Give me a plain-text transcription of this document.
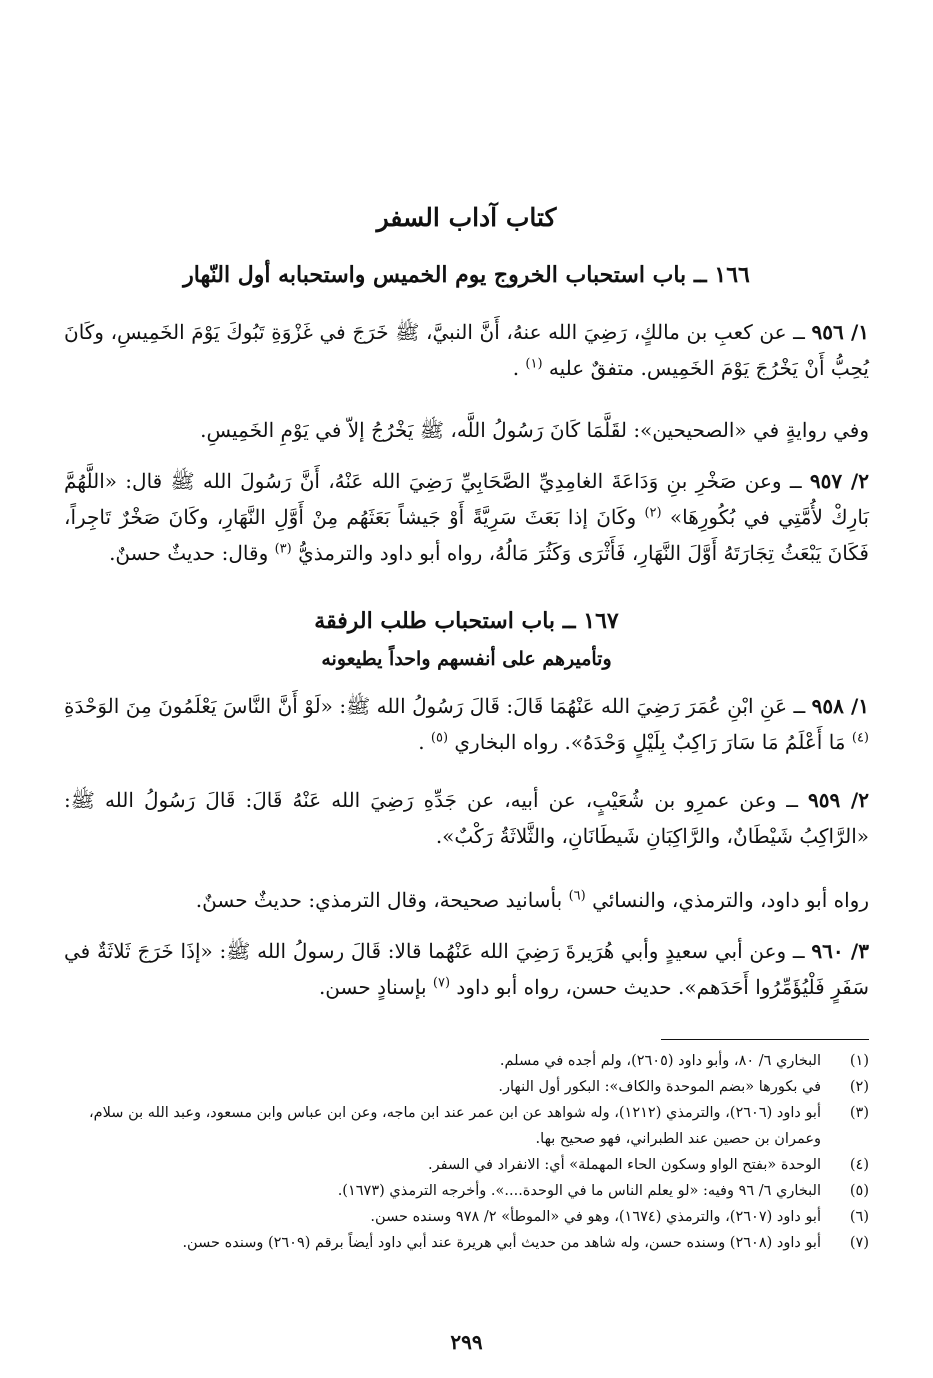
كتاب آداب السفر
١٦٦ ــ باب استحباب الخروج يوم الخميس واستحبابه أول النّهار
١/ ٩٥٦ ــ عن كعبِ بن مالكٍ، رَضِيَ الله عنهُ، أَنَّ النبيَّ، ﷺ خَرَجَ في غَزْوَةِ تَبُوكَ يَوْمَ الخَمِيسِ، وكَانَ يُحِبُّ أَنْ يَخْرُجَ يَوْمَ الخَمِيس. متفقٌ عليه $^{(١)}$ .
وفي روايةٍ في «الصحيحين»: لقَلَّمَا كَانَ رَسُولُ اللَّه، ﷺ يَخْرُجُ إلاّ في يَوْمِ الخَمِيسِ.
٢/ ٩٥٧ ــ وعن صَخْرِ بنِ وَدَاعَةَ الغامِدِيِّ الصَّحَابِيِّ رَضِيَ الله عَنْهُ، أَنَّ رَسُولَ الله ﷺ قال: «اللَّهُمَّ بَارِكْ لأُمَّتِي في بُكُورِهَا» $^{(٢)}$ وكَانَ إذا بَعَثَ سَرِيَّةً أَوْ جَيشاً بَعَثَهُم مِنْ أَوَّلِ النَّهَارِ، وكَانَ صَخْرٌ تَاجِراً، فَكَانَ يَبْعَثُ تِجَارَتَهُ أَوَّلَ النَّهَارِ، فَأَثْرَى وَكَثُرَ مَالُهُ، رواه أبو داود والترمذيُّ $^{(٣)}$ وقال: حديثٌ حسنٌ.
١٦٧ ــ باب استحباب طلب الرفقة
وتأميرهم على أنفسهم واحداً يطيعونه
١/ ٩٥٨ ــ عَنِ ابْنِ عُمَرَ رَضِيَ الله عَنْهُمَا قَالَ: قَالَ رَسُولُ الله ﷺ: «لَوْ أَنَّ النَّاسَ يَعْلَمُونَ مِنَ الوَحْدَةِ $^{(٤)}$ مَا أَعْلَمُ مَا سَارَ رَاكِبٌ بِلَيْلٍ وَحْدَهُ». رواه البخاري $^{(٥)}$ .
٢/ ٩٥٩ ــ وعن عمرِو بن شُعَيْبٍ، عن أبيه، عن جَدِّهِ رَضِيَ الله عَنْهُ قَالَ: قَالَ رَسُولُ الله ﷺ: «الرَّاكِبُ شَيْطَانٌ، والرَّاكِبَانِ شَيطَانَانِ، والثَّلاثَةُ رَكْبٌ».
رواه أبو داود، والترمذي، والنسائي $^{(٦)}$ بأسانيد صحيحة، وقال الترمذي: حديثٌ حسنٌ.
٣/ ٩٦٠ ــ وعن أبي سعيدٍ وأبي هُرَيرةَ رَضِيَ الله عَنْهُما قالا: قَالَ رسولُ الله ﷺ: «إذَا خَرَجَ ثَلاثَةٌ في سَفَرٍ فَلْيُؤَمِّرُوا أَحَدَهم». حديث حسن، رواه أبو داود $^{(٧)}$ بإسنادٍ حسن.
(١)
البخاري ٦/ ٨٠، وأبو داود (٢٦٠٥)، ولم أجده في مسلم.
(٢)
في بكورها «بضم الموحدة والكاف»: البكور أول النهار.
(٣)
أبو داود (٢٦٠٦)، والترمذي (١٢١٢)، وله شواهد عن ابن عمر عند ابن ماجه، وعن ابن عباس وابن مسعود، وعبد الله بن سلام، وعمران بن حصين عند الطبراني، فهو صحيح بها.
(٤)
الوحدة «بفتح الواو وسكون الحاء المهملة» أي: الانفراد في السفر.
(٥)
البخاري ٦/ ٩٦ وفيه: «لو يعلم الناس ما في الوحدة....». وأخرجه الترمذي (١٦٧٣).
(٦)
أبو داود (٢٦٠٧)، والترمذي (١٦٧٤)، وهو في «الموطأ» ٢/ ٩٧٨ وسنده حسن.
(٧)
أبو داود (٢٦٠٨) وسنده حسن، وله شاهد من حديث أبي هريرة عند أبي داود أيضاً برقم (٢٦٠٩) وسنده حسن.
٢٩٩
